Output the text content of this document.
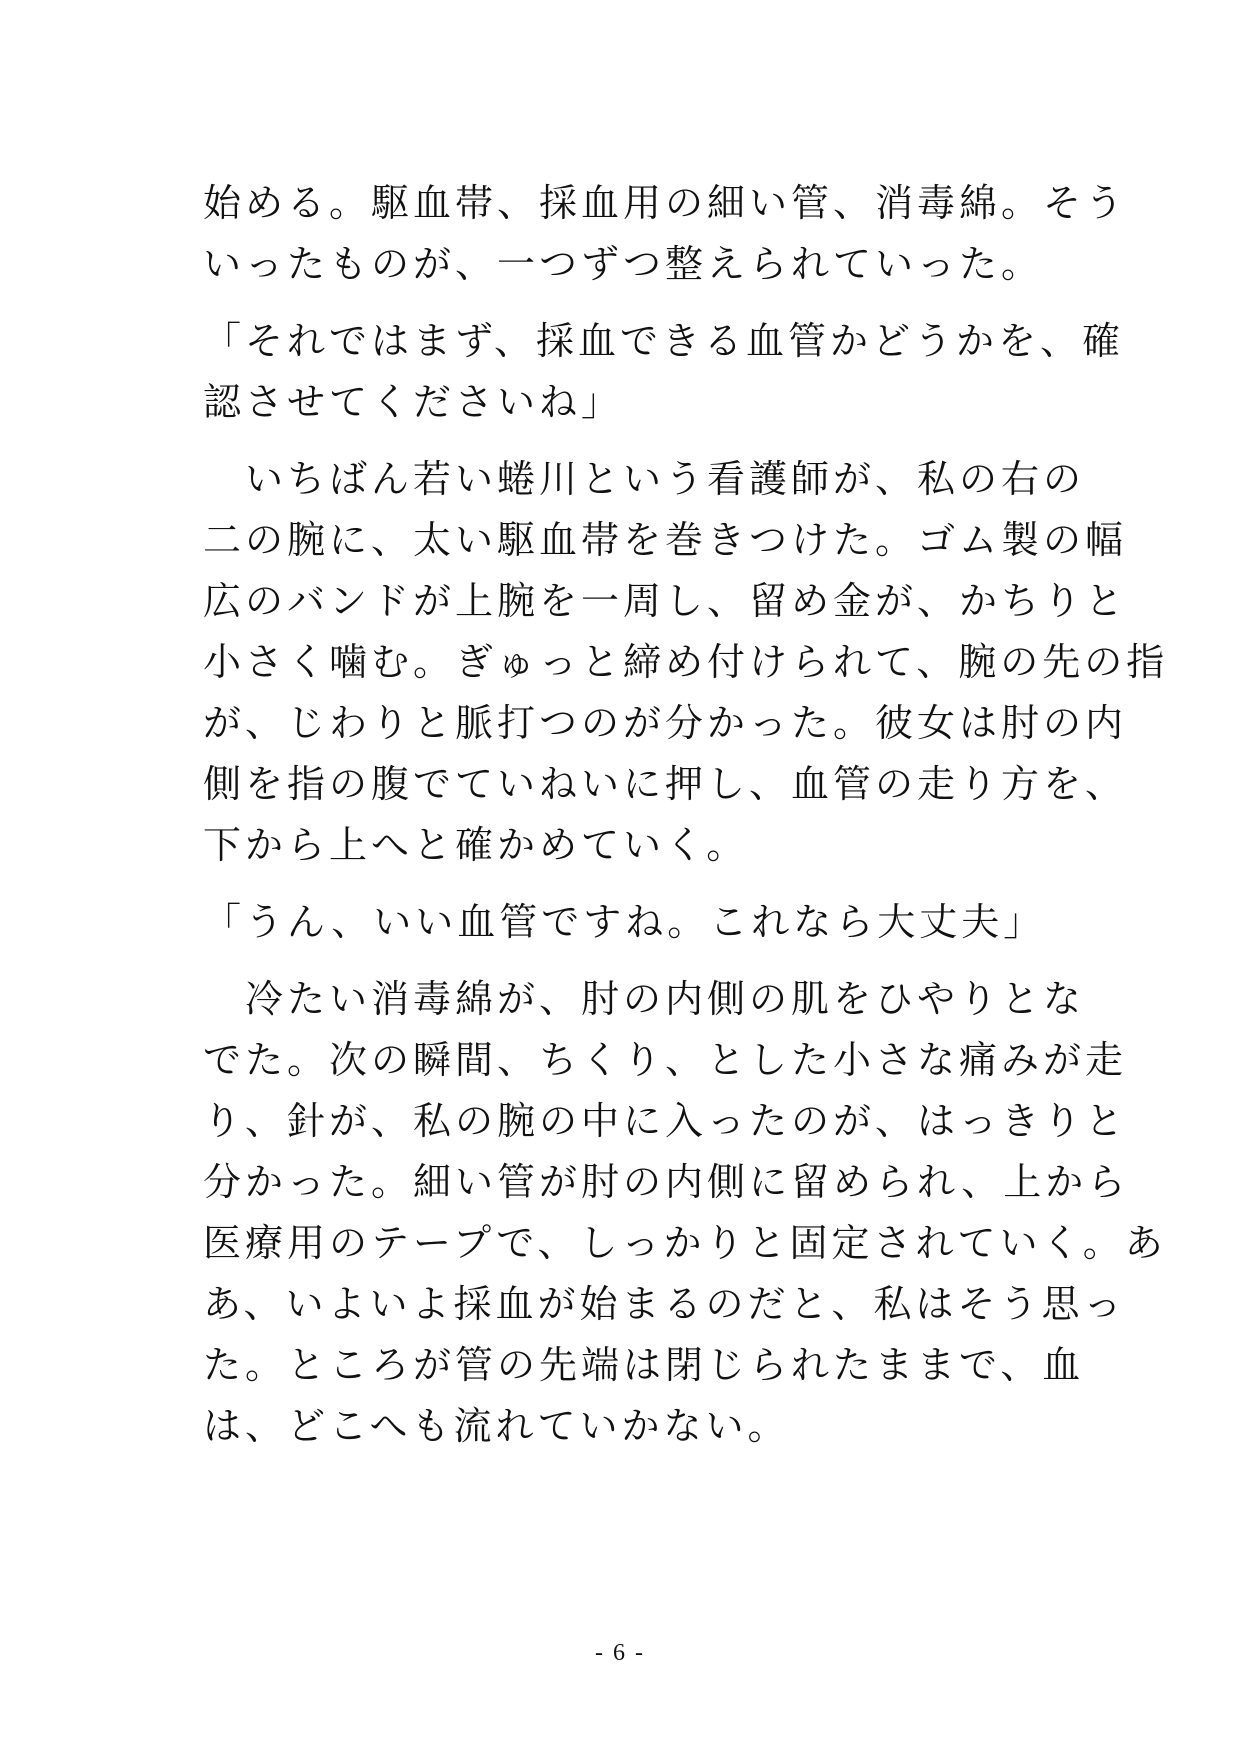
始める。駆血帯、採血用の細い管、消毒綿。そう
いったものが、一つずつ整えられていった。
「それではまず、採血できる血管かどうかを、確
認させてくださいね」
　いちばん若い蜷川という看護師が、私の右の
二の腕に、太い駆血帯を巻きつけた。ゴム製の幅
広のバンドが上腕を一周し、留め金が、かちりと
小さく噛む。ぎゅっと締め付けられて、腕の先の指
が、じわりと脈打つのが分かった。彼女は肘の内
側を指の腹でていねいに押し、血管の走り方を、
下から上へと確かめていく。
「うん、いい血管ですね。これなら大丈夫」
　冷たい消毒綿が、肘の内側の肌をひやりとな
でた。次の瞬間、ちくり、とした小さな痛みが走
り、針が、私の腕の中に入ったのが、はっきりと
分かった。細い管が肘の内側に留められ、上から
医療用のテープで、しっかりと固定されていく。あ
あ、いよいよ採血が始まるのだと、私はそう思っ
た。ところが管の先端は閉じられたままで、血
は、どこへも流れていかない。
- 6 -
